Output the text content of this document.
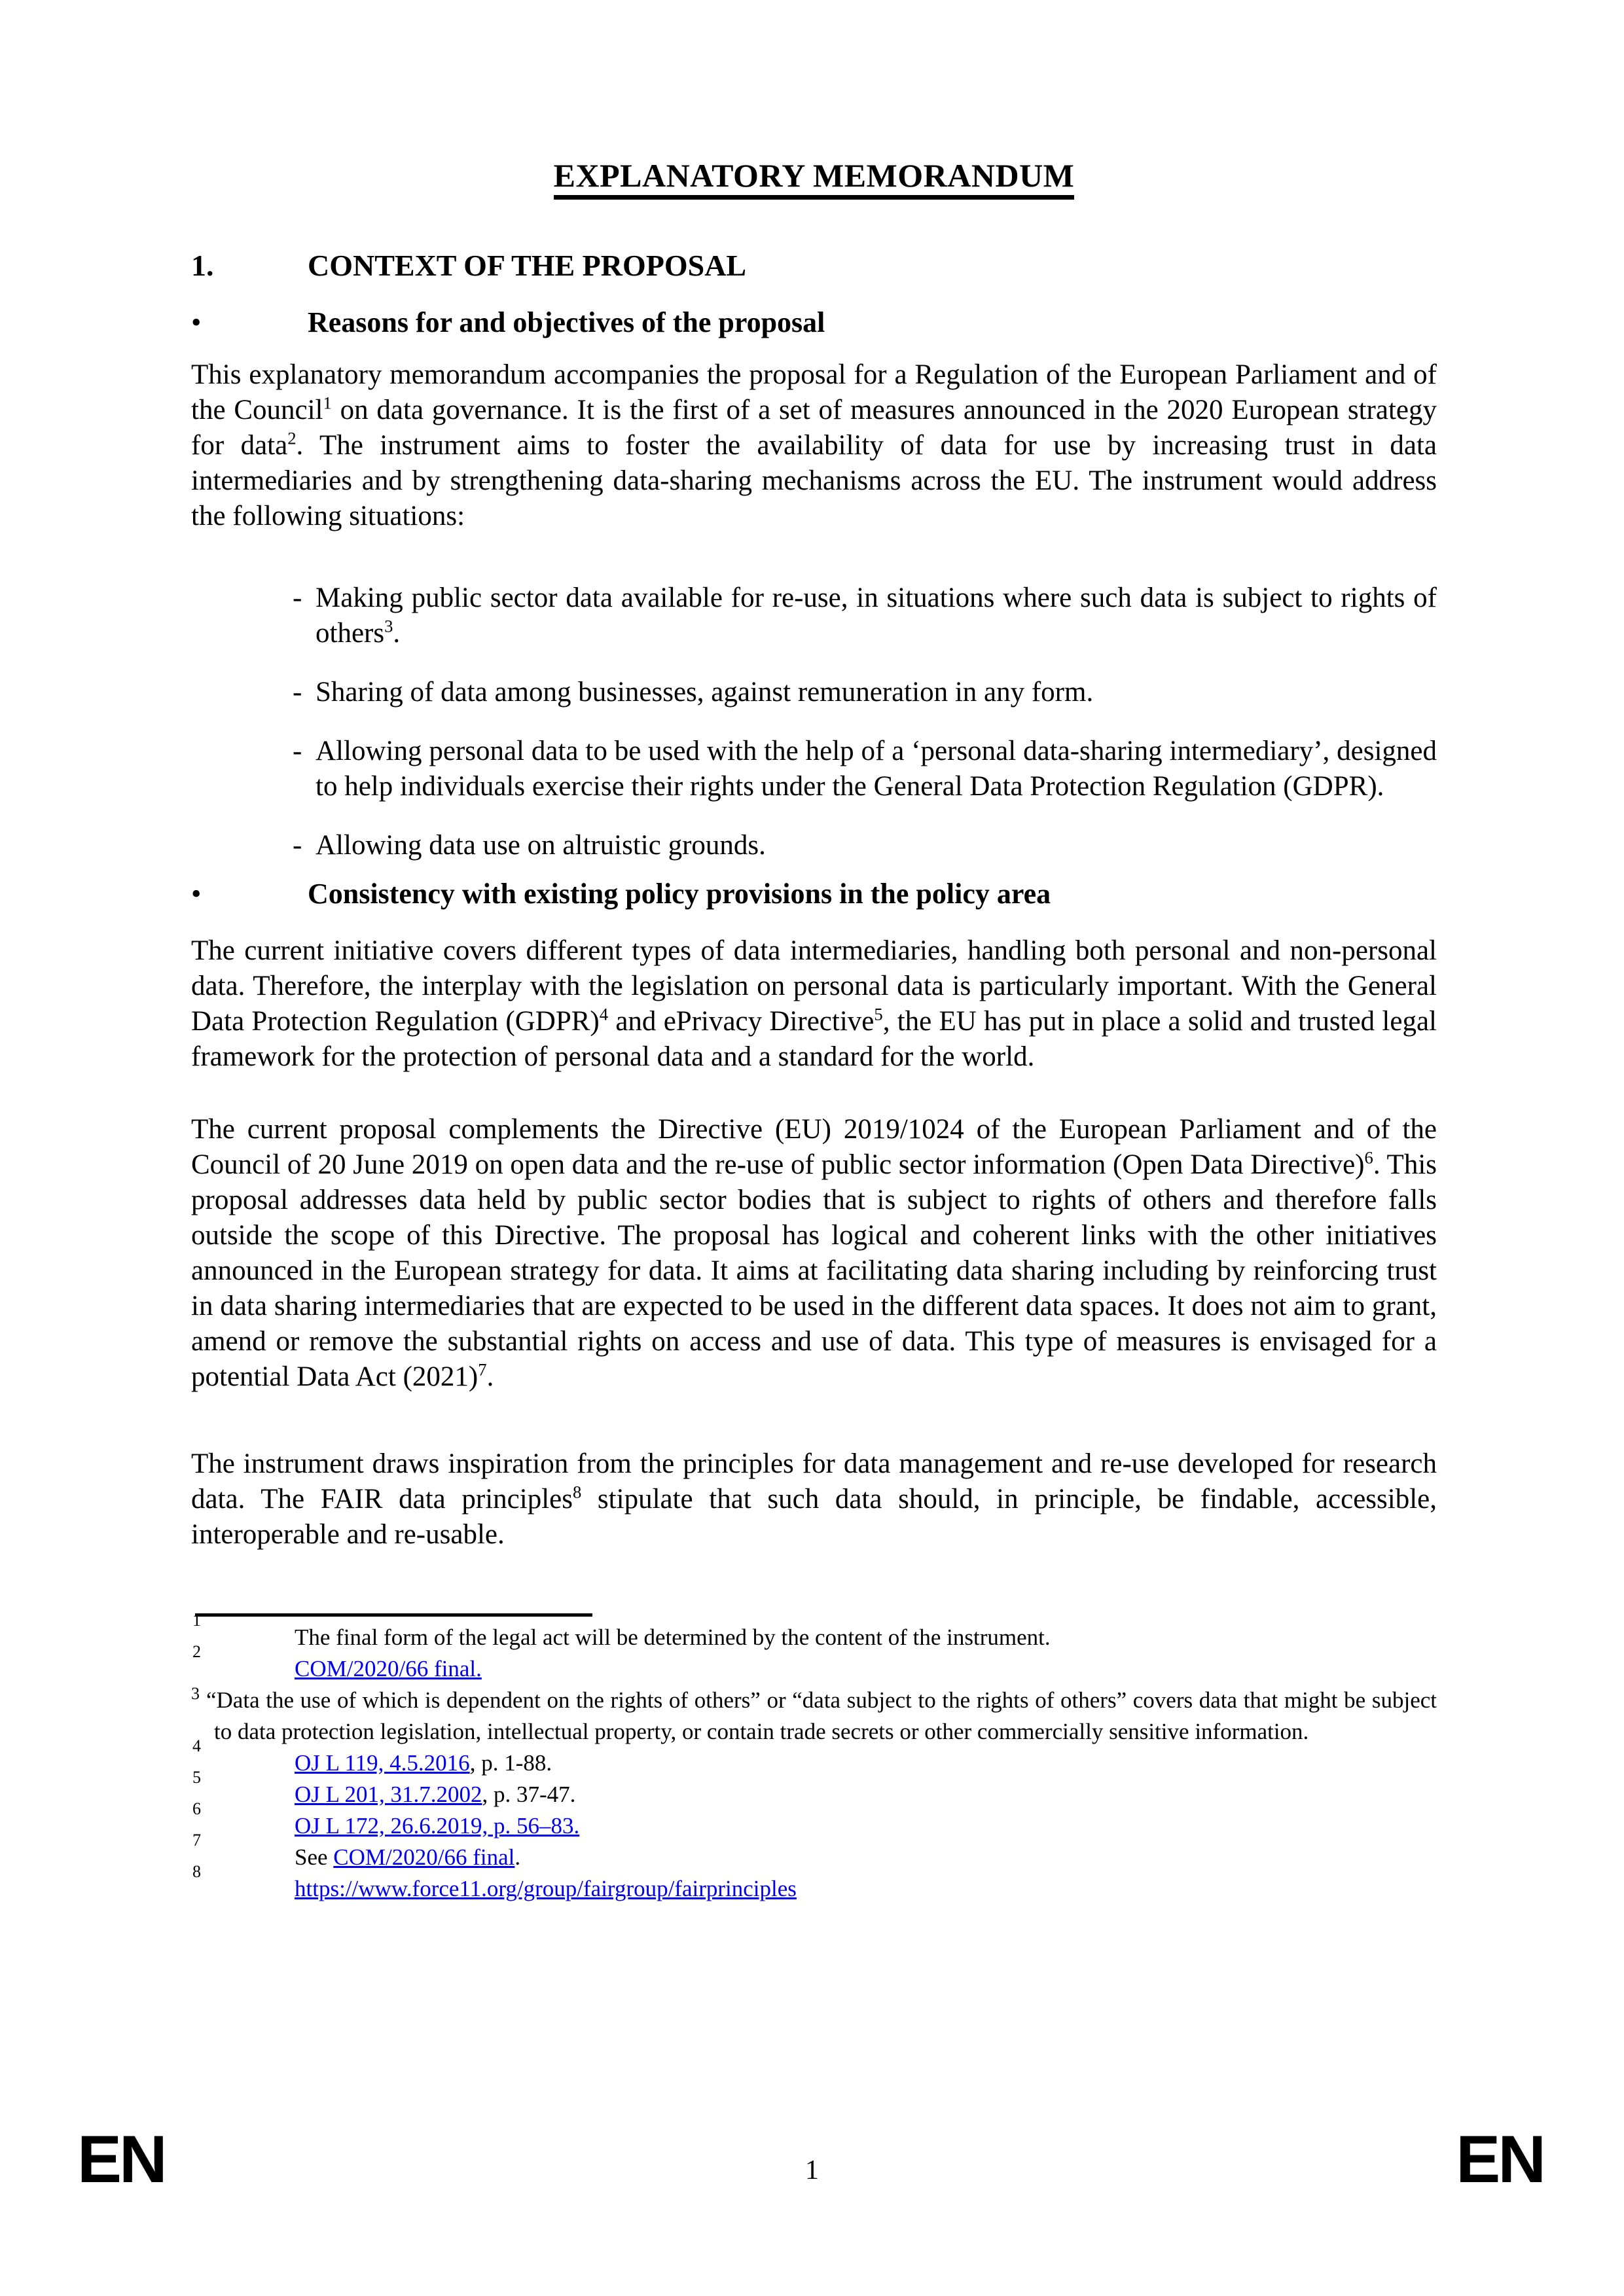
EXPLANATORY MEMORANDUM
1.	CONTEXT OF THE PROPOSAL
•	Reasons for and objectives of the proposal

This explanatory memorandum accompanies the proposal for a Regulation of the European Parliament and of the Council$^1$ on data governance. It is the first of a set of measures announced in the 2020 European strategy for data$^2$. The instrument aims to foster the availability of data for use by increasing trust in data intermediaries and by strengthening data-sharing mechanisms across the EU. The instrument would address the following situations:

- Making public sector data available for re-use, in situations where such data is subject to rights of others$^3$.
- Sharing of data among businesses, against remuneration in any form.
- Allowing personal data to be used with the help of a ‘personal data-sharing intermediary’, designed to help individuals exercise their rights under the General Data Protection Regulation (GDPR).
- Allowing data use on altruistic grounds.
•	Consistency with existing policy provisions in the policy area

The current initiative covers different types of data intermediaries, handling both personal and non-personal data. Therefore, the interplay with the legislation on personal data is particularly important. With the General Data Protection Regulation (GDPR)$^4$ and ePrivacy Directive$^5$, the EU has put in place a solid and trusted legal framework for the protection of personal data and a standard for the world.

The current proposal complements the Directive (EU) 2019/1024 of the European Parliament and of the Council of 20 June 2019 on open data and the re-use of public sector information (Open Data Directive)$^6$. This proposal addresses data held by public sector bodies that is subject to rights of others and therefore falls outside the scope of this Directive. The proposal has logical and coherent links with the other initiatives announced in the European strategy for data. It aims at facilitating data sharing including by reinforcing trust in data sharing intermediaries that are expected to be used in the different data spaces. It does not aim to grant, amend or remove the substantial rights on access and use of data. This type of measures is envisaged for a potential Data Act $(2021)^7$.

The instrument draws inspiration from the principles for data management and re-use developed for research data. The FAIR data principles$^8$ stipulate that such data should, in principle, be findable, accessible, interoperable and re-usable.

1
The final form of the legal act will be determined by the content of the instrument.
2
COM/2020/66 final.
$^3$ “Data the use of which is dependent on the rights of others” or “data subject to the rights of others” covers data that might be subject to data protection legislation, intellectual property, or contain trade secrets or other commercially sensitive information.
4
OJ L 119, 4.5.2016, p. 1-88.
5
OJ L 201, 31.7.2002, p. 37-47.
6
OJ L 172, 26.6.2019, p. 56–83.
7
See COM/2020/66 final.
8
https://www.force11.org/group/fairgroup/fairprinciples
EN	1	EN
